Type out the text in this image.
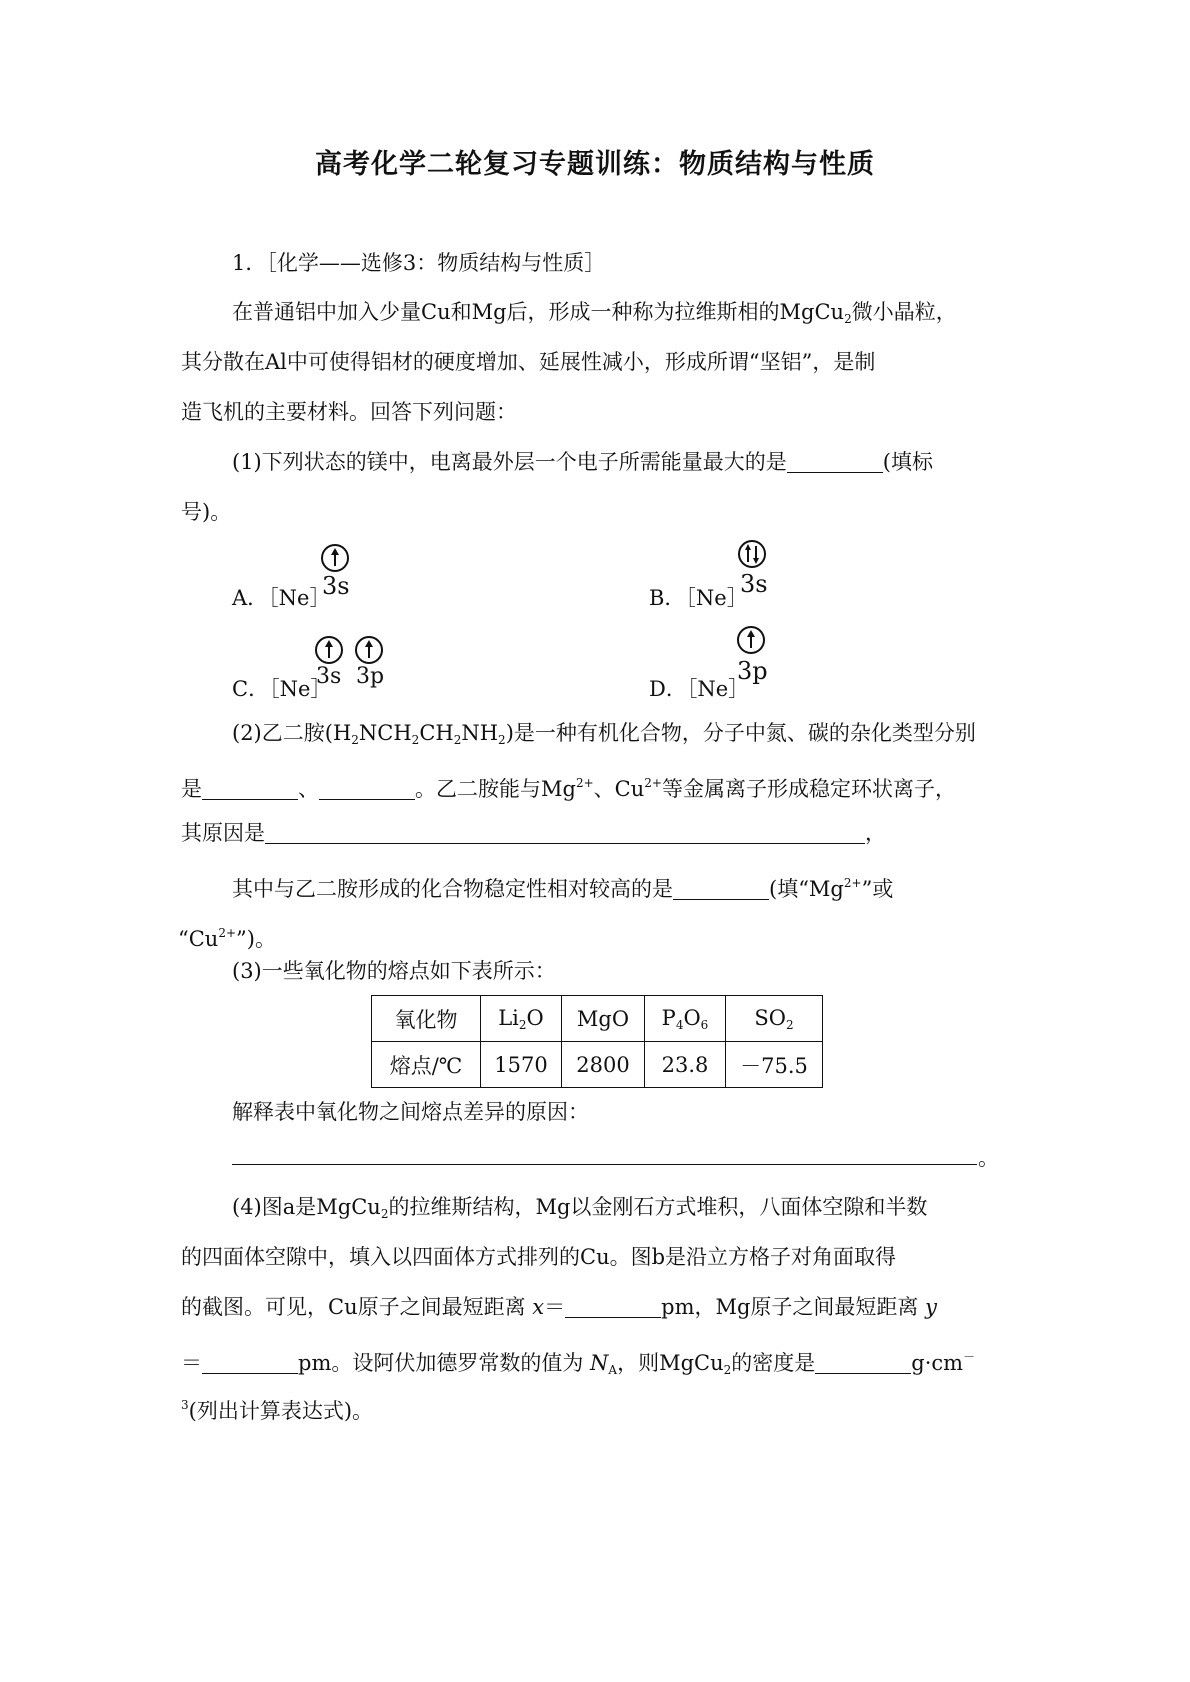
高考化学二轮复习专题训练：物质结构与性质
1．［化学——选修3：物质结构与性质］
在普通铝中加入少量Cu和Mg后，形成一种称为拉维斯相的MgCu$_2$微小晶粒，
其分散在Al中可使得铝材的硬度增加、延展性减小，形成所谓“坚铝”，是制
造飞机的主要材料。回答下列问题：
(1)下列状态的镁中，电离最外层一个电子所需能量最大的是	(填标
号)。
A．［Ne］
3s	B．［Ne］
3s
C．［Ne］
3s 3p	D．［Ne］
3p
(2)乙二胺$(H_2NCH_2CH_2NH_2)$是一种有机化合物，分子中氮、碳的杂化类型分别
是	、	。乙二胺能与$Mg^{2+}$、$Cu^{2+}$等金属离子形成稳定环状离子，
其原因是	，
其中与乙二胺形成的化合物稳定性相对较高的是	(填“$Mg^{2+}$”或
“$Cu^{2+}$”)。
(3)一些氧化物的熔点如下表所示：
氧化物	$Li_2O$	MgO	$P_4O_6$	$SO_2$
熔点/℃	1570	2800	23.8	－75.5
解释表中氧化物之间熔点差异的原因：
。
(4)图a是MgCu$_2$的拉维斯结构，Mg以金刚石方式堆积，八面体空隙和半数
的四面体空隙中，填入以四面体方式排列的Cu。图b是沿立方格子对角面取得
的截图。可见，Cu原子之间最短距离 x＝	pm，Mg原子之间最短距离 y
＝	pm。设阿伏加德罗常数的值为 $N_A$，则MgCu$_2$的密度是	g·cm－
$^3$(列出计算表达式)。
